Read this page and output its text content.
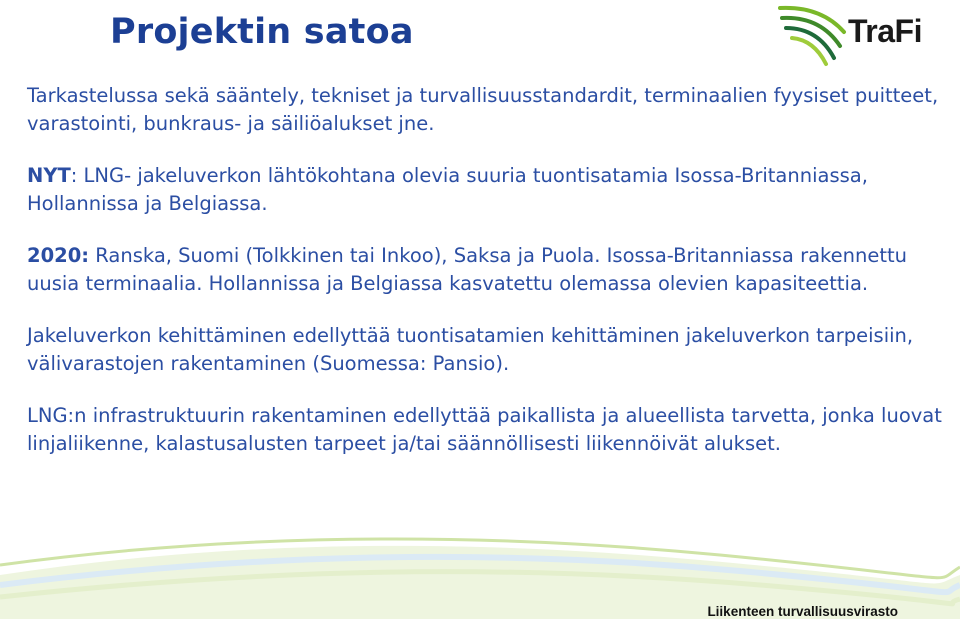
Projektin satoa	TraFi

Tarkastelussa sekä sääntely, tekniset ja turvallisuusstandardit, terminaalien fyysiset puitteet, varastointi, bunkraus- ja säiliöalukset jne.

NYT: LNG- jakeluverkon lähtökohtana olevia suuria tuontisatamia Isossa-Britanniassa, Hollannissa ja Belgiassa.

2020: Ranska, Suomi (Tolkkinen tai Inkoo), Saksa ja Puola. Isossa-Britanniassa rakennettu uusia terminaalia. Hollannissa ja Belgiassa kasvatettu olemassa olevien kapasiteettia.

Jakeluverkon kehittäminen edellyttää tuontisatamien kehittäminen jakeluverkon tarpeisiin, välivarastojen rakentaminen (Suomessa: Pansio).

LNG:n infrastruktuurin rakentaminen edellyttää paikallista ja alueellista tarvetta, jonka luovat linjaliikenne, kalastusalusten tarpeet ja/tai säännöllisesti liikennöivät alukset.

Liikenteen turvallisuusvirasto
